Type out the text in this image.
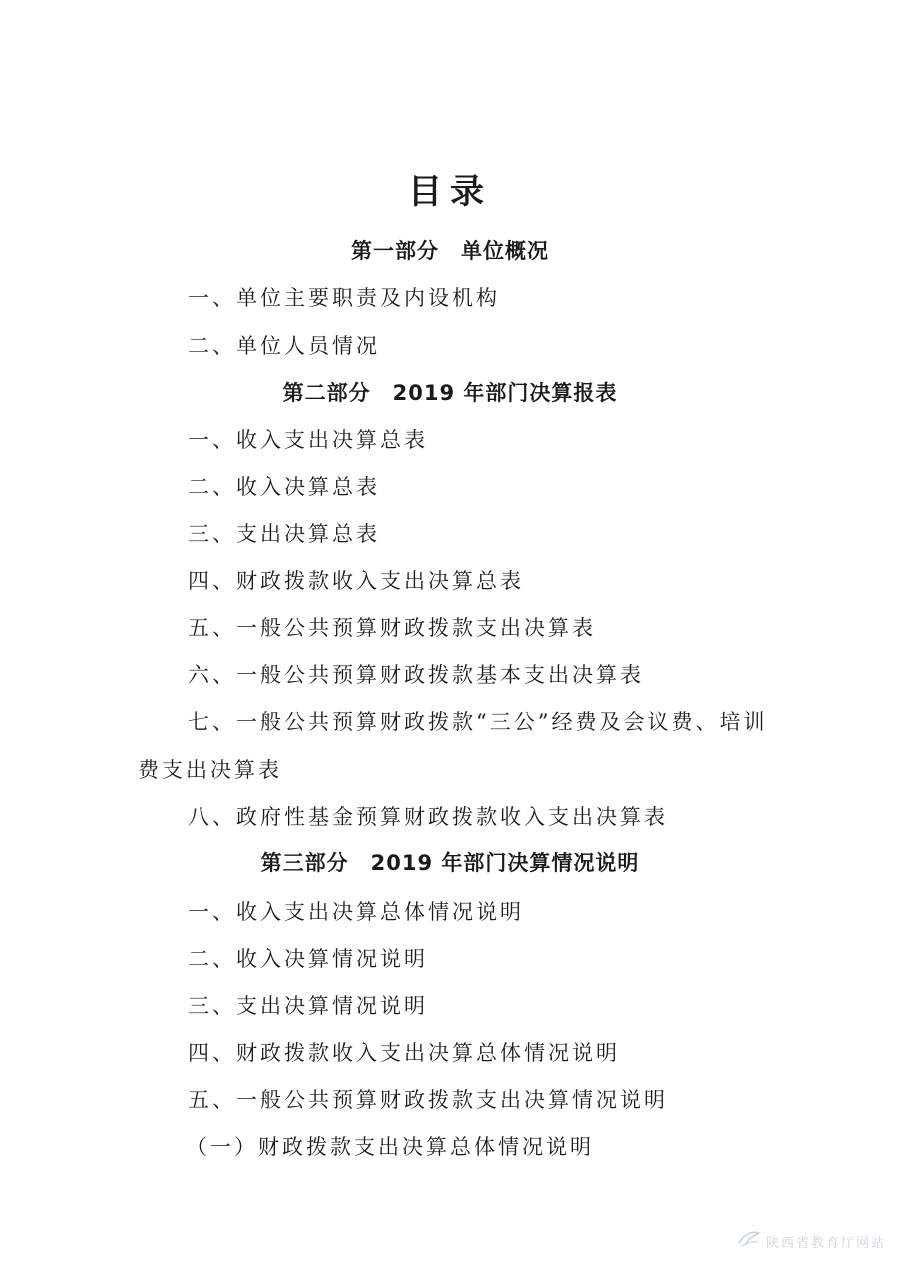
目录
第一部分　单位概况
一、单位主要职责及内设机构
二、单位人员情况
第二部分　2019 年部门决算报表
一、收入支出决算总表
二、收入决算总表
三、支出决算总表
四、财政拨款收入支出决算总表
五、一般公共预算财政拨款支出决算表
六、一般公共预算财政拨款基本支出决算表
七、一般公共预算财政拨款“三公”经费及会议费、培训费支出决算表
八、政府性基金预算财政拨款收入支出决算表
第三部分　2019 年部门决算情况说明
一、收入支出决算总体情况说明
二、收入决算情况说明
三、支出决算情况说明
四、财政拨款收入支出决算总体情况说明
五、一般公共预算财政拨款支出决算情况说明
（一）财政拨款支出决算总体情况说明
陕西省教育厅网站
